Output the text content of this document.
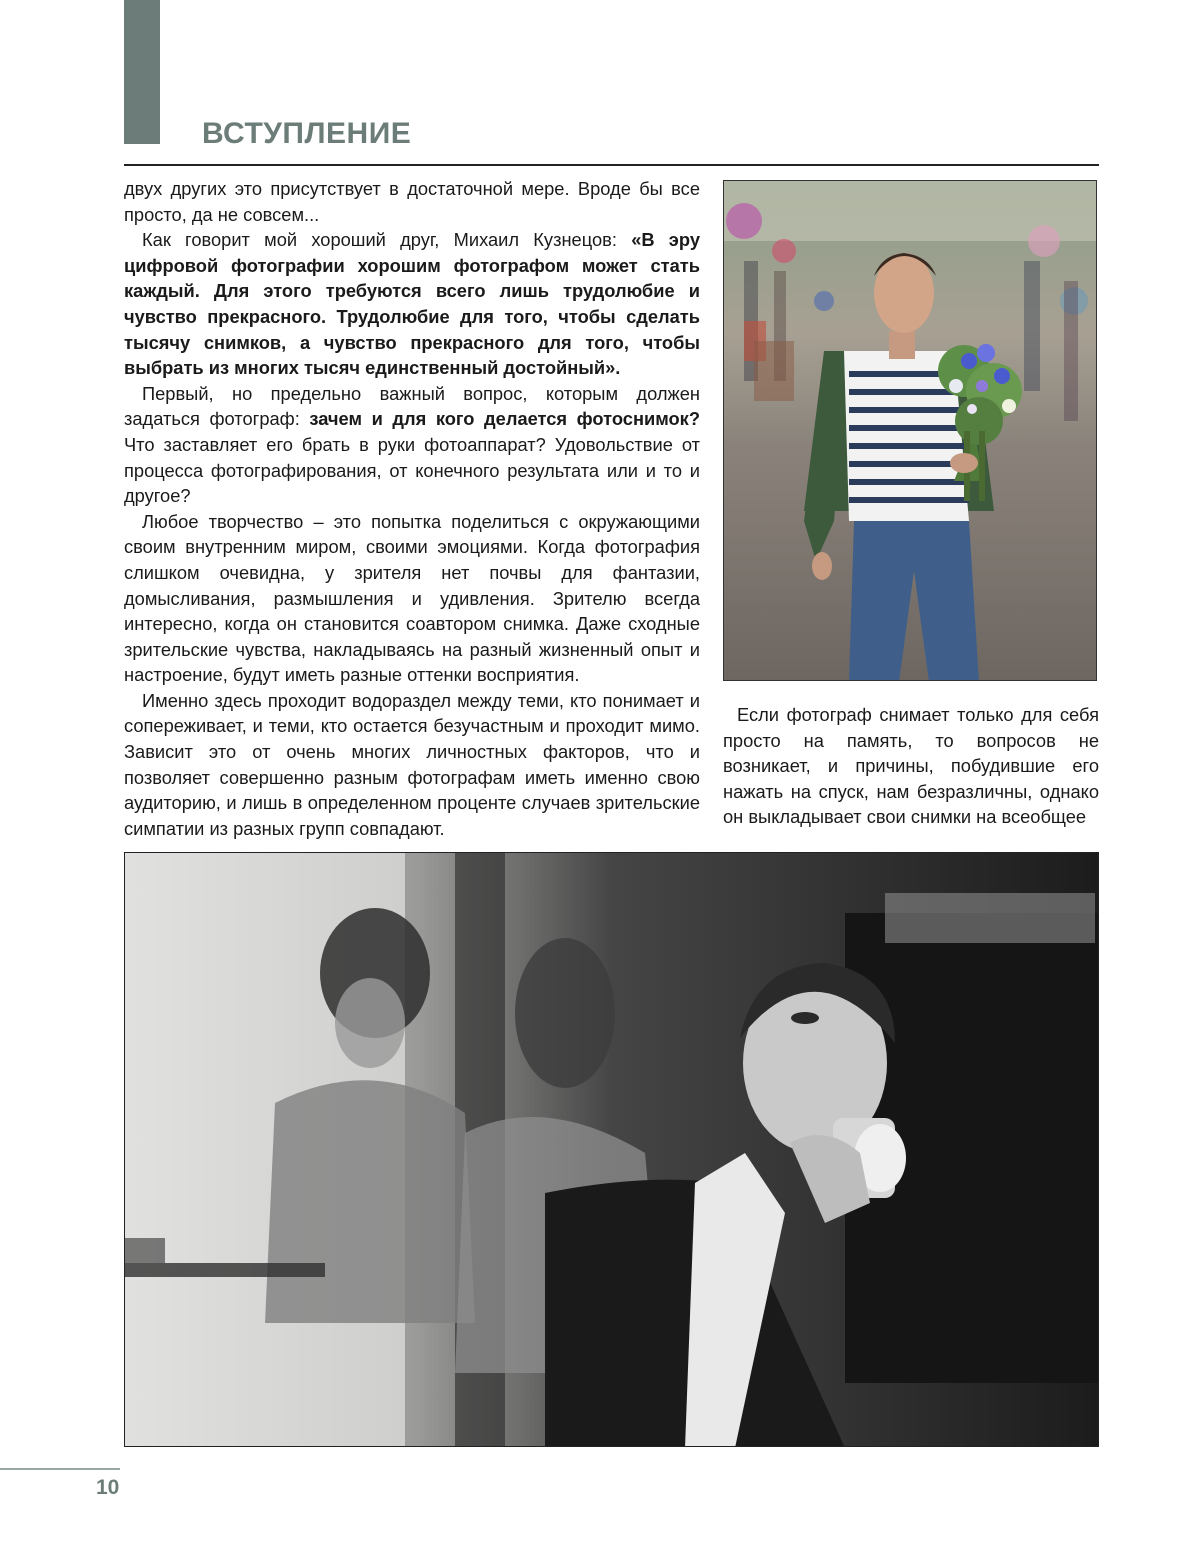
ВСТУПЛЕНИЕ

двух других это присутствует в достаточной мере. Вроде бы все просто, да не совсем...

Как говорит мой хороший друг, Михаил Кузнецов: «В эру цифровой фотографии хорошим фотографом может стать каждый. Для этого требуются всего лишь трудолюбие и чувство прекрасного. Трудолюбие для того, чтобы сделать тысячу снимков, а чувство прекрасного для того, чтобы выбрать из многих тысяч единственный достойный».

Первый, но предельно важный вопрос, которым должен задаться фотограф: зачем и для кого делается фотоснимок? Что заставляет его брать в руки фотоаппарат? Удовольствие от процесса фотографирования, от конечного результата или и то и другое?

Любое творчество – это попытка поделиться с окружающими своим внутренним миром, своими эмоциями. Когда фотография слишком очевидна, у зрителя нет почвы для фантазии, домысливания, размышления и удивления. Зрителю всегда интересно, когда он становится соавтором снимка. Даже сходные зрительские чувства, накладываясь на разный жизненный опыт и настроение, будут иметь разные оттенки восприятия.

Именно здесь проходит водораздел между теми, кто понимает и сопереживает, и теми, кто остается безучастным и проходит мимо. Зависит это от очень многих личностных факторов, что и позволяет совершенно разным фотографам иметь именно свою аудиторию, и лишь в определенном проценте случаев зрительские симпатии из разных групп совпадают.

Если фотограф снимает только для себя просто на память, то вопросов не возникает, и причины, побудившие его нажать на спуск, нам безразличны, однако он выкладывает свои снимки на всеобщее

10
